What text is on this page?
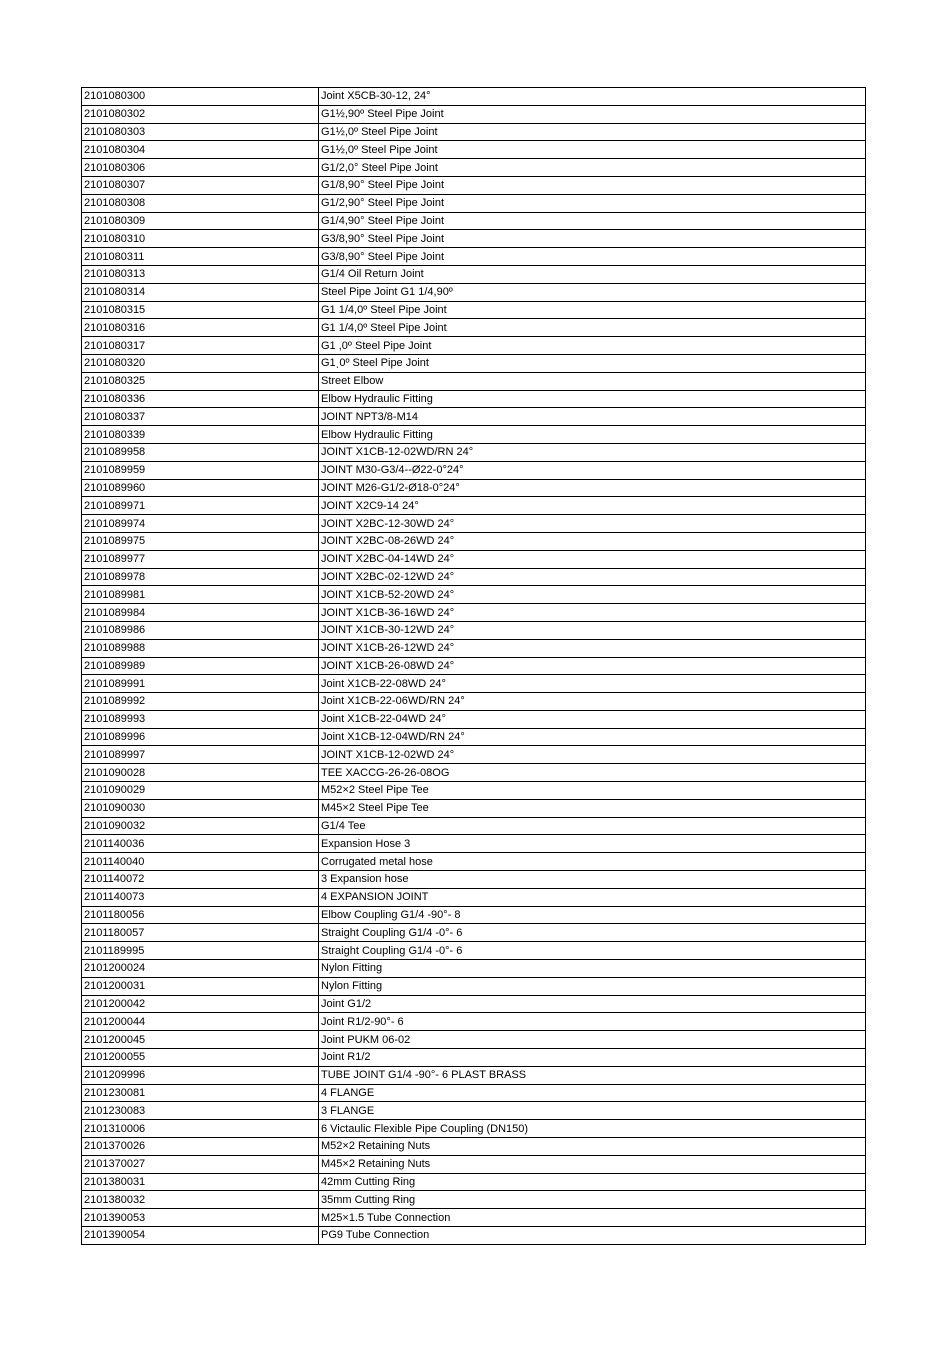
2101080300	Joint X5CB-30-12, 24°
2101080302	G1½,90º Steel Pipe Joint
2101080303	G1½,0º Steel Pipe Joint
2101080304	G1½,0º Steel Pipe Joint
2101080306	G1/2,0° Steel Pipe Joint
2101080307	G1/8,90° Steel Pipe Joint
2101080308	G1/2,90° Steel Pipe Joint
2101080309	G1/4,90° Steel Pipe Joint
2101080310	G3/8,90° Steel Pipe Joint
2101080311	G3/8,90° Steel Pipe Joint
2101080313	G1/4 Oil Return Joint
2101080314	Steel Pipe Joint G1 1/4,90º
2101080315	G1 1/4,0º Steel Pipe Joint
2101080316	G1 1/4,0º Steel Pipe Joint
2101080317	G1 ,0º Steel Pipe Joint
2101080320	G1ͺ0º Steel Pipe Joint
2101080325	Street Elbow
2101080336	Elbow Hydraulic Fitting
2101080337	JOINT NPT3/8-M14
2101080339	Elbow Hydraulic Fitting
2101089958	JOINT X1CB-12-02WD/RN 24°
2101089959	JOINT M30-G3/4--Ø22-0°24°
2101089960	JOINT M26-G1/2-Ø18-0°24°
2101089971	JOINT X2C9-14 24°
2101089974	JOINT X2BC-12-30WD 24°
2101089975	JOINT X2BC-08-26WD 24°
2101089977	JOINT X2BC-04-14WD 24°
2101089978	JOINT X2BC-02-12WD 24°
2101089981	JOINT X1CB-52-20WD 24°
2101089984	JOINT X1CB-36-16WD 24°
2101089986	JOINT X1CB-30-12WD 24°
2101089988	JOINT X1CB-26-12WD 24°
2101089989	JOINT X1CB-26-08WD 24°
2101089991	Joint X1CB-22-08WD 24°
2101089992	Joint X1CB-22-06WD/RN 24°
2101089993	Joint X1CB-22-04WD 24°
2101089996	Joint X1CB-12-04WD/RN 24°
2101089997	JOINT X1CB-12-02WD 24°
2101090028	TEE XACCG-26-26-08OG
2101090029	M52×2 Steel Pipe Tee
2101090030	M45×2 Steel Pipe Tee
2101090032	G1/4 Tee
2101140036	Expansion Hose 3
2101140040	Corrugated metal hose
2101140072	3 Expansion hose
2101140073	4 EXPANSION JOINT
2101180056	Elbow Coupling G1/4 -90°- 8
2101180057	Straight Coupling G1/4 -0°- 6
2101189995	Straight Coupling G1/4 -0°- 6
2101200024	Nylon Fitting
2101200031	Nylon Fitting
2101200042	Joint G1/2
2101200044	Joint R1/2-90°- 6
2101200045	Joint PUKM 06-02
2101200055	Joint R1/2
2101209996	TUBE JOINT G1/4 -90°- 6 PLAST BRASS
2101230081	4 FLANGE
2101230083	3 FLANGE
2101310006	6 Victaulic Flexible Pipe Coupling (DN150)
2101370026	M52×2 Retaining Nuts
2101370027	M45×2 Retaining Nuts
2101380031	42mm Cutting Ring
2101380032	35mm Cutting Ring
2101390053	M25×1.5 Tube Connection
2101390054	PG9 Tube Connection
